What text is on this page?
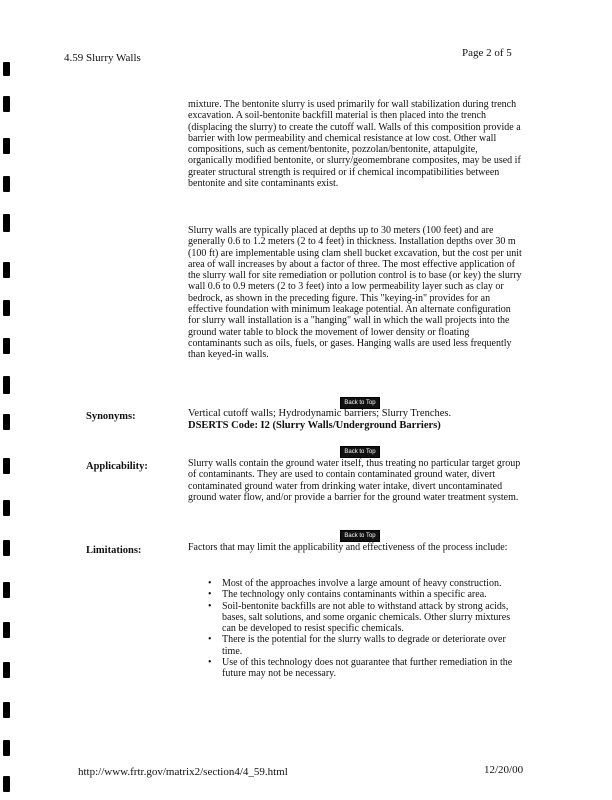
4.59 Slurry Walls	Page 2 of 5

mixture. The bentonite slurry is used primarily for wall stabilization during trench excavation. A soil-bentonite backfill material is then placed into the trench (displacing the slurry) to create the cutoff wall. Walls of this composition provide a barrier with low permeability and chemical resistance at low cost. Other wall compositions, such as cement/bentonite, pozzolan/bentonite, attapulgite, organically modified bentonite, or slurry/geomembrane composites, may be used if greater structural strength is required or if chemical incompatibilities between bentonite and site contaminants exist.

Slurry walls are typically placed at depths up to 30 meters (100 feet) and are generally 0.6 to 1.2 meters (2 to 4 feet) in thickness. Installation depths over 30 m (100 ft) are implementable using clam shell bucket excavation, but the cost per unit area of wall increases by about a factor of three. The most effective application of the slurry wall for site remediation or pollution control is to base (or key) the slurry wall 0.6 to 0.9 meters (2 to 3 feet) into a low permeability layer such as clay or bedrock, as shown in the preceding figure. This "keying-in" provides for an effective foundation with minimum leakage potential. An alternate configuration for slurry wall installation is a "hanging" wall in which the wall projects into the ground water table to block the movement of lower density or floating contaminants such as oils, fuels, or gases. Hanging walls are used less frequently than keyed-in walls.

Back to Top
Synonyms:	Vertical cutoff walls; Hydrodynamic barriers; Slurry Trenches.
DSERTS Code: I2 (Slurry Walls/Underground Barriers)
Back to Top
Applicability:	Slurry walls contain the ground water itself, thus treating no particular target group of contaminants. They are used to contain contaminated ground water, divert contaminated ground water from drinking water intake, divert uncontaminated ground water flow, and/or provide a barrier for the ground water treatment system.
Back to Top
Limitations:	Factors that may limit the applicability and effectiveness of the process include:
• Most of the approaches involve a large amount of heavy construction.
• The technology only contains contaminants within a specific area.
• Soil-bentonite backfills are not able to withstand attack by strong acids, bases, salt solutions, and some organic chemicals. Other slurry mixtures can be developed to resist specific chemicals.
• There is the potential for the slurry walls to degrade or deteriorate over time.
• Use of this technology does not guarantee that further remediation in the future may not be necessary.
http://www.frtr.gov/matrix2/section4/4_59.html	12/20/00
